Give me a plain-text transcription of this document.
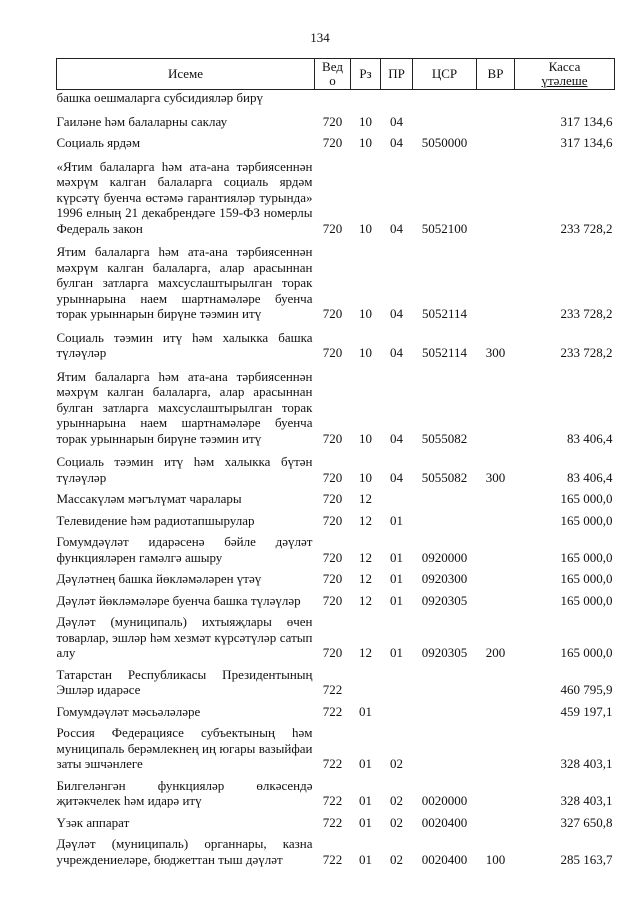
134
Исеме	Ведо	Рз	ПР	ЦСР	ВР	Касса
үтәлеше

башка оешмаларга субсидияләр бирү						
Гаиләне һәм балаларны саклау	720	10	04			317 134,6
Социаль ярдәм	720	10	04	5050000		317 134,6
«Ятим балаларга һәм ата-ана тәрбиясеннән мәхрүм калган балаларга социаль ярдәм күрсәтү буенча өстәмә гарантияләр турында» 1996 елның 21 декабрендәге 159-ФЗ номерлы Федераль закон	720	10	04	5052100		233 728,2
Ятим балаларга һәм ата-ана тәрбиясеннән мәхрүм калган балаларга, алар арасыннан булган затларга махсуслаштырылган торак урыннарына наем шартнамәләре буенча торак урыннарын бирүне тәэмин итү	720	10	04	5052114		233 728,2
Социаль тәэмин итү һәм халыкка башка түләүләр	720	10	04	5052114	300	233 728,2
Ятим балаларга һәм ата-ана тәрбиясеннән мәхрүм калган балаларга, алар арасыннан булган затларга махсуслаштырылган торак урыннарына наем шартнамәләре буенча торак урыннарын бирүне тәэмин итү	720	10	04	5055082		83 406,4
Социаль тәэмин итү һәм халыкка бүтән түләүләр	720	10	04	5055082	300	83 406,4
Массакүләм мәгълүмат чаралары	720	12				165 000,0
Телевидение һәм радиотапшырулар	720	12	01			165 000,0
Гомумдәүләт идарәсенә бәйле дәүләт функцияләрен гамәлгә ашыру	720	12	01	0920000		165 000,0
Дәүләтнең башка йөкләмәләрен үтәү	720	12	01	0920300		165 000,0
Дәүләт йөкләмәләре буенча башка түләүләр	720	12	01	0920305		165 000,0
Дәүләт (муниципаль) ихтыяҗлары өчен товарлар, эшләр һәм хезмәт күрсәтүләр сатып алу	720	12	01	0920305	200	165 000,0
Татарстан Республикасы Президентының Эшләр идарәсе	722					460 795,9
Гомумдәүләт мәсьәләләре	722	01				459 197,1
Россия Федерациясе субъектының һәм муниципаль берәмлекнең иң югары вазыйфаи заты эшчәнлеге	722	01	02			328 403,1
Билгеләнгән функцияләр өлкәсендә җитәкчелек һәм идарә итү	722	01	02	0020000		328 403,1
Үзәк аппарат	722	01	02	0020400		327 650,8
Дәүләт (муниципаль) органнары, казна учреждениеләре, бюджеттан тыш дәүләт	722	01	02	0020400	100	285 163,7
